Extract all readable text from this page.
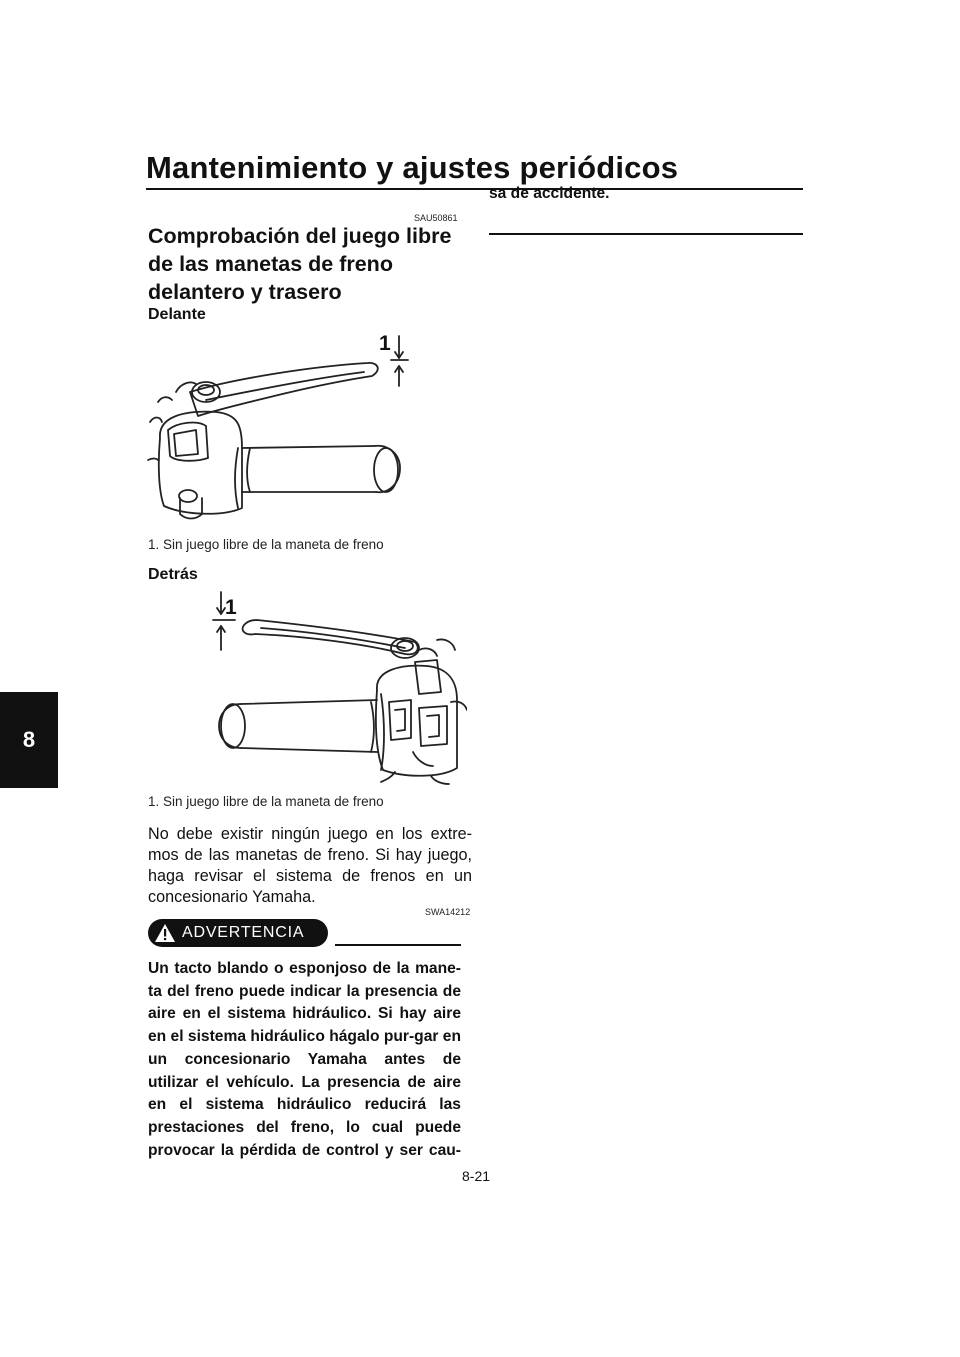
Mantenimiento y ajustes periódicos
8
SAU50861
Comprobación del juego libre de las manetas de freno delantero y trasero
Delante
1
1. Sin juego libre de la maneta de freno
Detrás
1
1. Sin juego libre de la maneta de freno
No debe existir ningún juego en los extre-mos de las manetas de freno. Si hay juego, haga revisar el sistema de frenos en un concesionario Yamaha.
SWA14212
ADVERTENCIA
Un tacto blando o esponjoso de la mane-ta del freno puede indicar la presencia de aire en el sistema hidráulico. Si hay aire en el sistema hidráulico hágalo pur-gar en un concesionario Yamaha antes de utilizar el vehículo. La presencia de aire en el sistema hidráulico reducirá las prestaciones del freno, lo cual puede provocar la pérdida de control y ser cau-
sa de accidente.
8-21
